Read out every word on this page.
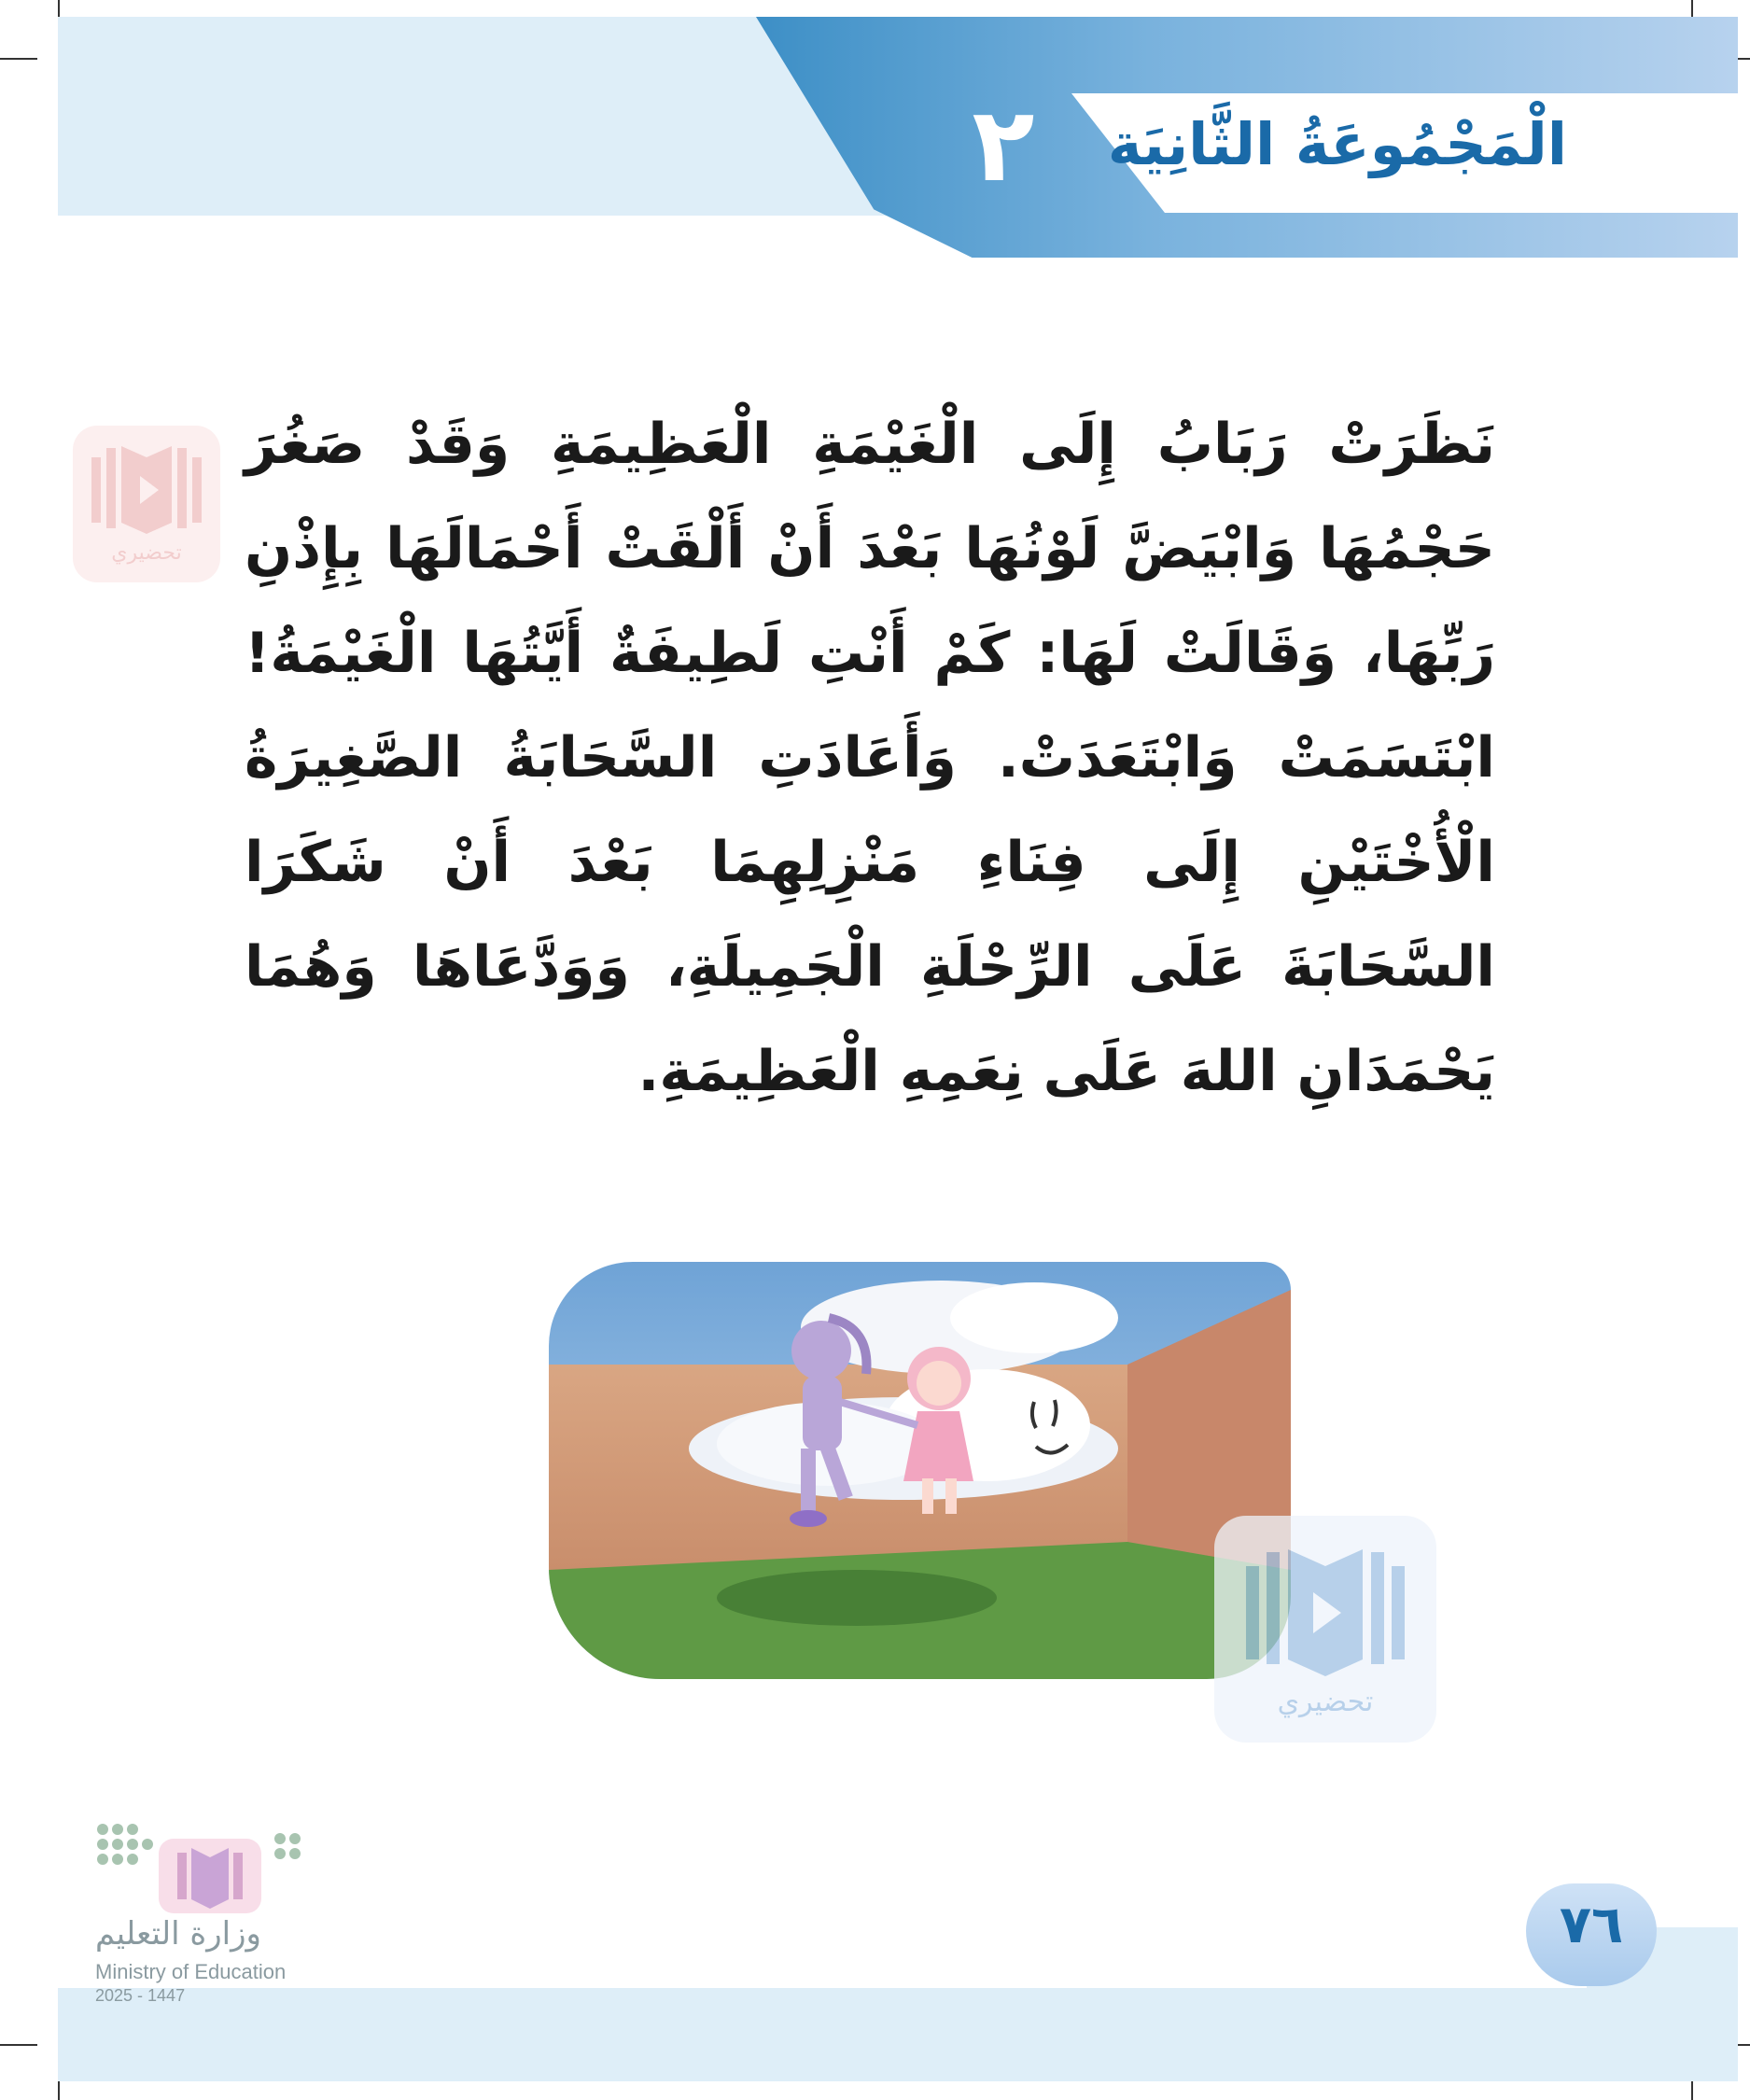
٢ الْمَجْمُوعَةُ الثَّانِيَة

نَظَرَتْ رَبَابُ إِلَى الْغَيْمَةِ الْعَظِيمَةِ وَقَدْ صَغُرَ حَجْمُهَا وَابْيَضَّ لَوْنُهَا بَعْدَ أَنْ أَلْقَتْ أَحْمَالَهَا بِإِذْنِ رَبِّهَا، وَقَالَتْ لَهَا: كَمْ أَنْتِ لَطِيفَةٌ أَيَّتُهَا الْغَيْمَةُ! ابْتَسَمَتْ وَابْتَعَدَتْ. وَأَعَادَتِ السَّحَابَةُ الصَّغِيرَةُ الْأُخْتَيْنِ إِلَى فِنَاءِ مَنْزِلِهِمَا بَعْدَ أَنْ شَكَرَا السَّحَابَةَ عَلَى الرِّحْلَةِ الْجَمِيلَةِ، وَوَدَّعَاهَا وَهُمَا يَحْمَدَانِ اللهَ عَلَى نِعَمِهِ الْعَظِيمَةِ.

تحضيري
تحضيري
٧٦
وزارة التعليم
Ministry of Education
2025 - 1447
